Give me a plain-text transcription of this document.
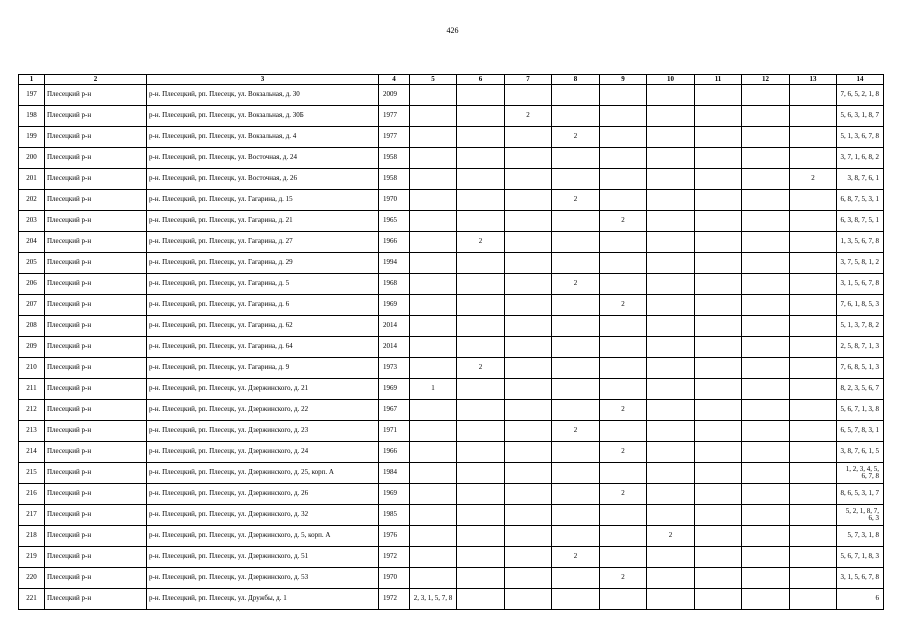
426
1	2	3	4	5	6	7	8	9	10	11	12	13	14
197	Плесецкий р-н	р-н. Плесецкий, рп. Плесецк, ул. Вокзальная, д. 30	2009										7, 6, 5, 2, 1, 8
198	Плесецкий р-н	р-н. Плесецкий, рп. Плесецк, ул. Вокзальная, д. 30Б	1977			2							5, 6, 3, 1, 8, 7
199	Плесецкий р-н	р-н. Плесецкий, рп. Плесецк, ул. Вокзальная, д. 4	1977				2						5, 1, 3, 6, 7, 8
200	Плесецкий р-н	р-н. Плесецкий, рп. Плесецк, ул. Восточная, д. 24	1958										3, 7, 1, 6, 8, 2
201	Плесецкий р-н	р-н. Плесецкий, рп. Плесецк, ул. Восточная, д. 26	1958									2	3, 8, 7, 6, 1
202	Плесецкий р-н	р-н. Плесецкий, рп. Плесецк, ул. Гагарина, д. 15	1970				2						6, 8, 7, 5, 3, 1
203	Плесецкий р-н	р-н. Плесецкий, рп. Плесецк, ул. Гагарина, д. 21	1965					2					6, 3, 8, 7, 5, 1
204	Плесецкий р-н	р-н. Плесецкий, рп. Плесецк, ул. Гагарина, д. 27	1966		2								1, 3, 5, 6, 7, 8
205	Плесецкий р-н	р-н. Плесецкий, рп. Плесецк, ул. Гагарина, д. 29	1994										3, 7, 5, 8, 1, 2
206	Плесецкий р-н	р-н. Плесецкий, рп. Плесецк, ул. Гагарина, д. 5	1968				2						3, 1, 5, 6, 7, 8
207	Плесецкий р-н	р-н. Плесецкий, рп. Плесецк, ул. Гагарина, д. 6	1969					2					7, 6, 1, 8, 5, 3
208	Плесецкий р-н	р-н. Плесецкий, рп. Плесецк, ул. Гагарина, д. 62	2014										5, 1, 3, 7, 8, 2
209	Плесецкий р-н	р-н. Плесецкий, рп. Плесецк, ул. Гагарина, д. 64	2014										2, 5, 8, 7, 1, 3
210	Плесецкий р-н	р-н. Плесецкий, рп. Плесецк, ул. Гагарина, д. 9	1973		2								7, 6, 8, 5, 1, 3
211	Плесецкий р-н	р-н. Плесецкий, рп. Плесецк, ул. Дзержинского, д. 21	1969	1									8, 2, 3, 5, 6, 7
212	Плесецкий р-н	р-н. Плесецкий, рп. Плесецк, ул. Дзержинского, д. 22	1967					2					5, 6, 7, 1, 3, 8
213	Плесецкий р-н	р-н. Плесецкий, рп. Плесецк, ул. Дзержинского, д. 23	1971				2						6, 5, 7, 8, 3, 1
214	Плесецкий р-н	р-н. Плесецкий, рп. Плесецк, ул. Дзержинского, д. 24	1966					2					3, 8, 7, 6, 1, 5
215	Плесецкий р-н	р-н. Плесецкий, рп. Плесецк, ул. Дзержинского, д. 25, корп. А	1984										1, 2, 3, 4, 5, 6, 7, 8
216	Плесецкий р-н	р-н. Плесецкий, рп. Плесецк, ул. Дзержинского, д. 26	1969					2					8, 6, 5, 3, 1, 7
217	Плесецкий р-н	р-н. Плесецкий, рп. Плесецк, ул. Дзержинского, д. 32	1985										5, 2, 1, 8, 7, 6, 3
218	Плесецкий р-н	р-н. Плесецкий, рп. Плесецк, ул. Дзержинского, д. 5, корп. А	1976						2				5, 7, 3, 1, 8
219	Плесецкий р-н	р-н. Плесецкий, рп. Плесецк, ул. Дзержинского, д. 51	1972				2						5, 6, 7, 1, 8, 3
220	Плесецкий р-н	р-н. Плесецкий, рп. Плесецк, ул. Дзержинского, д. 53	1970					2					3, 1, 5, 6, 7, 8
221	Плесецкий р-н	р-н. Плесецкий, рп. Плесецк, ул. Дружбы, д. 1	1972	2, 3, 1, 5, 7, 8									6
